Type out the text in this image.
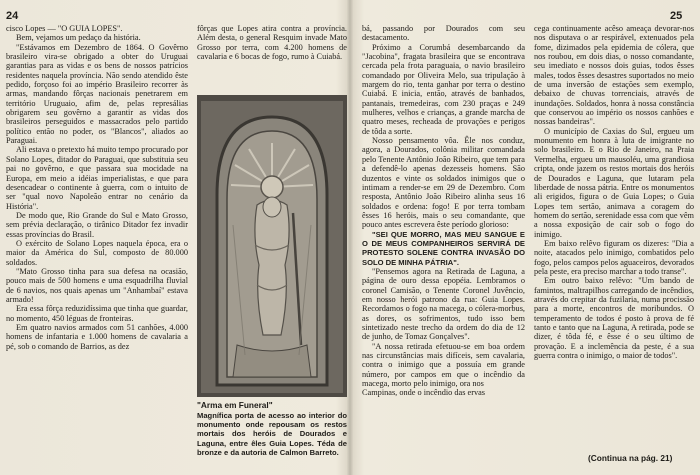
24	25

cisco Lopes — "O GUIA LOPES".

Bem, vejamos um pedaço da história.

"Estávamos em Dezembro de 1864. O Govêrno brasileiro vira-se obrigado a obter do Uruguai garantias para as vidas e os bens de nossos patrícios residentes naquela província. Não sendo atendido êste pedido, forçoso foi ao império Brasileiro recorrer às armas, mandando fôrças nacionais penetrarem em território Uruguaio, afim de, pelas represálias obrigarem seu govêrno a garantir as vidas dos brasileiros perseguidos e massacrados pelo partido político então no poder, os "Blancos", aliados ao Paraguai.

Ali estava o pretexto há muito tempo procurado por Solano Lopes, ditador do Paraguai, que substituia seu pai no govêrno, e que passara sua mocidade na Europa, em meio a idéias imperialistas, e que para desencadear o continente à guerra, com o intuito de ser "qual novo Napoleão entrar no cenário da História".

De modo que, Rio Grande do Sul e Mato Grosso, sem prévia declaração, o tirânico Ditador fez invadir essas províncias do Brasil.

O exército de Solano Lopes naquela época, era o maior da América do Sul, composto de 80.000 soldados.

"Mato Grosso tinha para sua defesa na ocasião, pouco mais de 500 homens e uma esquadrilha fluvial de 6 navios, nos quais apenas um "Anhambaí" estava armado!

Era essa fôrça reduzidíssima que tinha que guardar, no momento, 450 léguas de fronteiras.

Em quatro navios armados com 51 canhões, 4.000 homens de infantaria e 1.000 homens de cavalaria a pé, sob o comando de Barrios, as dez

fôrças que Lopes atira contra a província. Além desta, o general Resquim invade Mato Grosso por terra, com 4.200 homens de cavalaria e 6 bocas de fogo, rumo à Cuiabá.

"Arma em Funeral"
Magnífica porta de acesso ao interior do monumento onde repousam os restos mortais dos heróis de Dourados e Laguna, entre êles Guia Lopes. Téda de bronze e da autoria de Calmon Barreto.

bá, passando por Dourados com seu destacamento.

Próximo a Corumbá desembarcando da "Jacobina", fragata brasileira que se encontrava cercada pela frota paraguaia, o navio brasileiro comandado por Oliveira Melo, sua tripulação à margem do rio, tenta ganhar por terra o destino Cuiabá. E inicia, então, através de banhados, pantanais, tremedeiras, com 230 praças e 249 mulheres, velhos e crianças, a grande marcha de quatro meses, recheada de provações e perigos de tôda a sorte.

Nosso pensamento vôa. Êle nos conduz, agora, a Dourados, colônia militar comandada pelo Tenente Antônio João Ribeiro, que tem para a defendê-lo apenas dezesseis homens. São duzentos e vinte os soldados inimigos que o intimam a render-se em 29 de Dezembro. Com resposta, Antônio João Ribeiro alinha seus 16 soldados e ordena: fogo! E por terra tombam êsses 16 heróis, mais o seu comandante, que pouco antes escrevera êste período glorioso:

"SEI QUE MORRO, MAS MEU SANGUE E O DE MEUS COMPANHEIROS SERVIRÁ DE PROTESTO SOLENE CONTRA INVASÃO DO SOLO DE MINHA PÁTRIA".

"Pensemos agora na Retirada de Laguna, a página de ouro dessa epopéia. Lembramos o coronel Camisão, o Tenente Coronel Juvêncio, em nosso herói patrono da rua: Guia Lopes. Recordamos o fogo na macega, o cólera-morbus, as dores, os sofrimentos, tudo isso bem sintetizado neste trecho da ordem do dia de 12 de junho, de Tomaz Gonçalves".

"A nossa retirada efetuou-se em boa ordem nas circunstâncias mais difíceis, sem cavalaria, contra o inimigo que a possuía em grande número, por campos em que o incêndio da macega, morto pelo inimigo, ora nos

Campinas, onde o incêndio das ervas

cega continuamente acêso ameaça devorar-nos nos disputava o ar respirável, extenuados pela fome, dizimados pela epidemia de cólera, que nos roubou, em dois dias, o nosso comandante, seu imediato e nossos dois guias, todos êsses males, todos êsses desastres suportados no meio de uma inversão de estações sem exemplo, debaixo de chuvas torrenciais, através de inundações. Soldados, honra à nossa constância que conservou ao império os nossos canhões e nossas bandeiras".

O município de Caxias do Sul, ergueu um monumento em honra à luta de imigrante no solo brasileiro. E o Rio de Janeiro, na Praia Vermelha, ergueu um mausoléu, uma grandiosa cripta, onde jazem os restos mortais dos heróis de Dourados e Laguna, que lutaram pela liberdade de nossa pátria. Entre os monumentos ali erigidos, figura o de Guia Lopes; o Guia Lopes tem sertão, animava a coragem do homem do sertão, serenidade essa com que vêm a nossa exposição de cair sob o fogo do inimigo.

Em baixo relêvo figuram os dizeres: "Dia a noite, atacados pelo inimigo, combatidos pelo fogo, pelos campos pelos aguaceiros, devorados pela peste, era preciso marchar a todo transe".

Em outro baixo relêvo: "Um bando de famintos, maltrapilhos carregando de incêndios, através do crepitar da fuzilaria, numa procissão para a morte, encontros de moribundos. O temperamento de todos é posto à prova de fé tanto e tanto que na Laguna, A retirada, pode se dizer, é tôda fé, e êsse é o seu último de provação. E a inclemência da peste, é a sua guerra contra o inimigo, o maior de todos".

(Continua na pág. 21)
